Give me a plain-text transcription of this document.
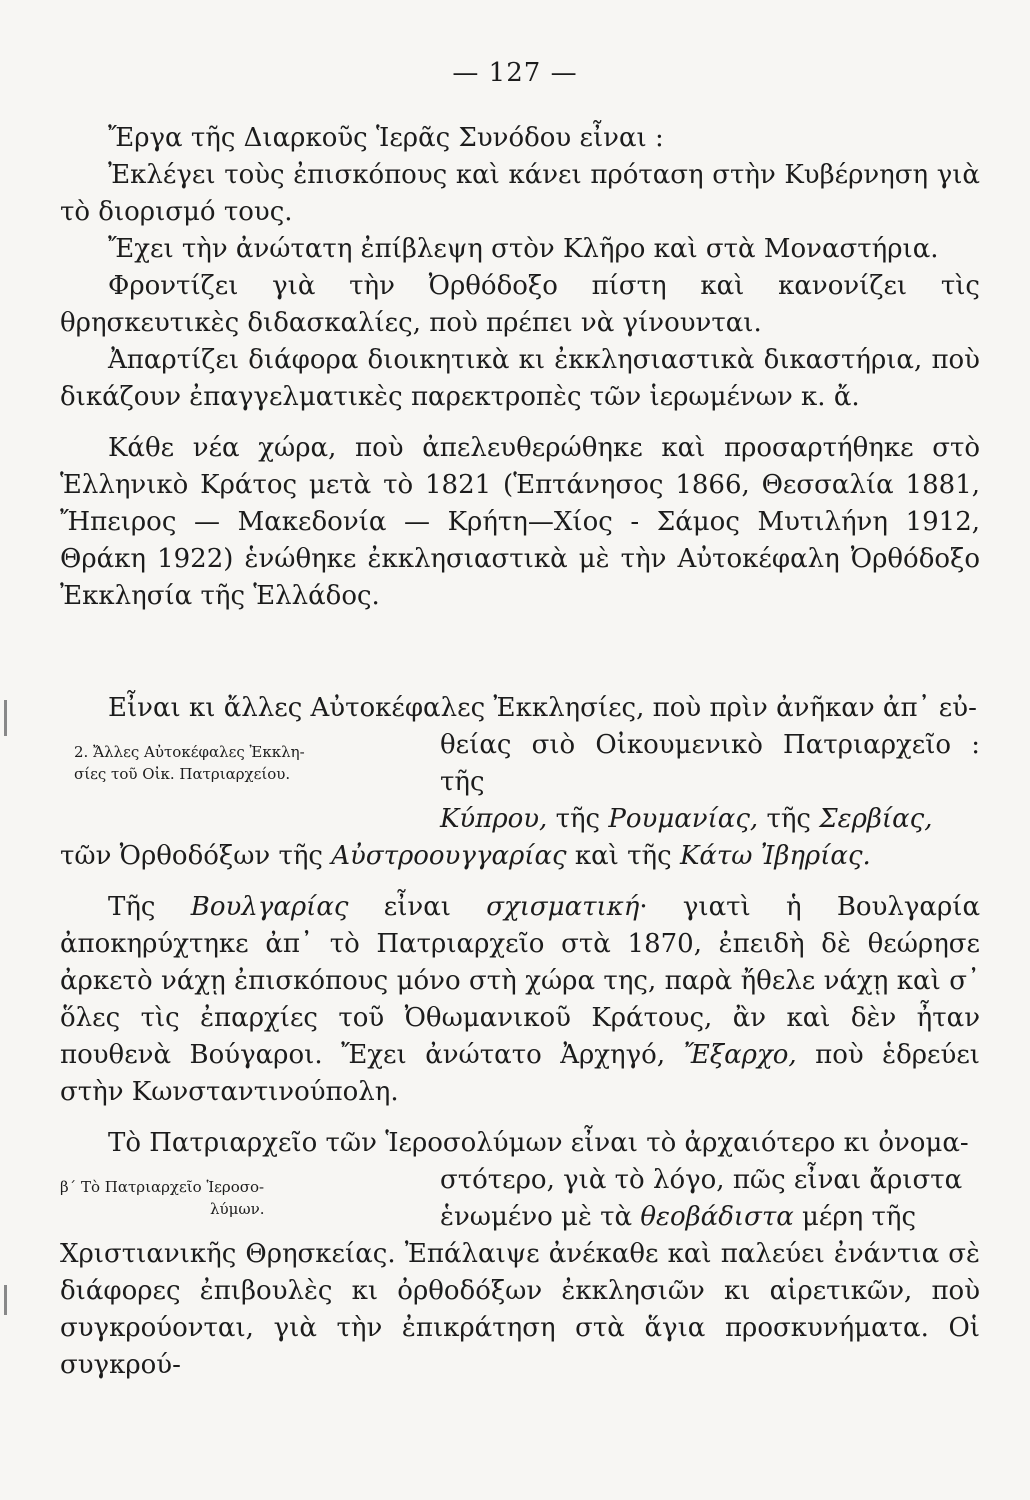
— 127 —

Ἔργα τῆς Διαρκοῦς Ἱερᾶς Συνόδου εἶναι :

Ἐκλέγει τοὺς ἐπισκόπους καὶ κάνει πρόταση στὴν Κυβέρνηση γιὰ τὸ διορισμό τους.

Ἔχει τὴν ἀνώτατη ἐπίβλεψη στὸν Κλῆρο καὶ στὰ Μοναστήρια.

Φροντίζει γιὰ τὴν Ὀρθόδοξο πίστη καὶ κανονίζει τὶς θρησκευτικὲς διδασκαλίες, ποὺ πρέπει νὰ γίνουνται.

Ἀπαρτίζει διάφορα διοικητικὰ κι ἐκκλησιαστικὰ δικαστήρια, ποὺ δικάζουν ἐπαγγελματικὲς παρεκτροπὲς τῶν ἱερωμένων κ. ἄ.

Κάθε νέα χώρα, ποὺ ἀπελευθερώθηκε καὶ προσαρτήθηκε στὸ Ἑλληνικὸ Κράτος μετὰ τὸ 1821 (Ἑπτάνησος 1866, Θεσσαλία 1881, Ἤπειρος — Μακεδονία — Κρήτη—Χίος - Σάμος Μυτιλήνη 1912, Θράκη 1922) ἑνώθηκε ἐκκλησιαστικὰ μὲ τὴν Αὐτοκέφαλη Ὀρθόδοξο Ἐκκλησία τῆς Ἑλλάδος.

Εἶναι κι ἄλλες Αὐτοκέφαλες Ἐκκλησίες, ποὺ πρὶν ἀνῆκαν ἀπ᾽ εὐ-

2. Ἄλλες Αὐτοκέφαλες Ἐκκλη-
σίες τοῦ Οἰκ. Πατριαρχείου.
θείας σιὸ Οἰκουμενικὸ Πατριαρχεῖο : τῆς
Κύπρου, τῆς Ρουμανίας, τῆς Σερβίας,

τῶν Ὀρθοδόξων τῆς Αὐστροουγγαρίας καὶ τῆς Κάτω Ἰβηρίας.

Τῆς Βουλγαρίας εἶναι σχισματική· γιατὶ ἡ Βουλγαρία ἀποκηρύχτηκε ἀπ᾽ τὸ Πατριαρχεῖο στὰ 1870, ἐπειδὴ δὲ θεώρησε ἀρκετὸ νάχῃ ἐπισκόπους μόνο στὴ χώρα της, παρὰ ἤθελε νάχῃ καὶ σ᾽ ὅλες τὶς ἐπαρχίες τοῦ Ὀθωμανικοῦ Κράτους, ἂν καὶ δὲν ἦταν πουθενὰ Βούγαροι. Ἔχει ἀνώτατο Ἀρχηγό, Ἔξαρχο, ποὺ ἑδρεύει στὴν Κωνσταντινούπολη.

Τὸ Πατριαρχεῖο τῶν Ἱεροσολύμων εἶναι τὸ ἀρχαιότερο κι ὀνομα-

β΄ Τὸ Πατριαρχεῖο Ἱεροσο-
λύμων.
στότερο, γιὰ τὸ λόγο, πῶς εἶναι ἄριστα
ἑνωμένο μὲ τὰ θεοβάδιστα μέρη τῆς

Χριστιανικῆς Θρησκείας. Ἐπάλαιψε ἀνέκαθε καὶ παλεύει ἐνάντια σὲ διάφορες ἐπιβουλὲς κι ὀρθοδόξων ἐκκλησιῶν κι αἱρετικῶν, ποὺ συγκρούονται, γιὰ τὴν ἐπικράτηση στὰ ἅγια προσκυνήματα. Οἱ συγκρού-
